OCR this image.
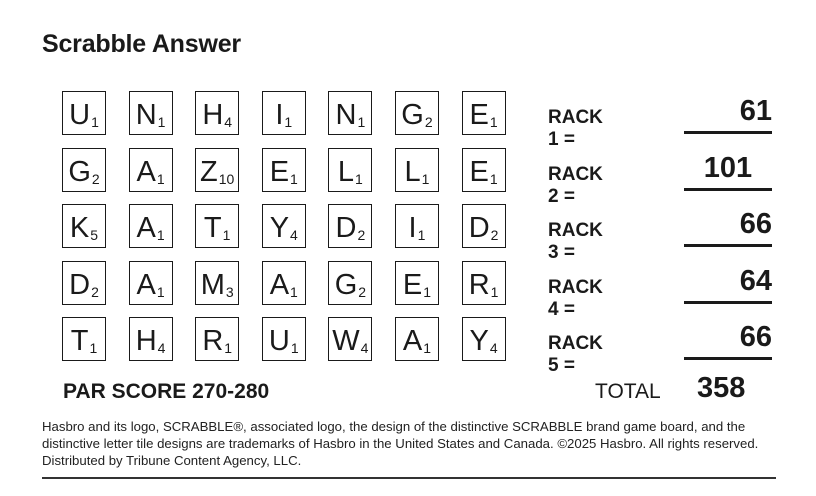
Scrabble Answer
U 1 N 1 H 4 I 1 N 1 G 2 E 1
G 2 A 1 Z 10 E 1 L 1 L 1 E 1
K 5 A 1 T 1 Y 4 D 2 I 1 D 2
D 2 A 1 M 3 A 1 G 2 E 1 R 1
T 1 H 4 R 1 U 1 W 4 A 1 Y 4
RACK 1 =
61
RACK 2 =
101
RACK 3 =
66
RACK 4 =
64
RACK 5 =
66
PAR SCORE 270-280	TOTAL 358
Hasbro and its logo, SCRABBLE®, associated logo, the design of the distinctive SCRABBLE brand game board, and the distinctive letter tile designs are trademarks of Hasbro in the United States and Canada. ©2025 Hasbro. All rights reserved. Distributed by Tribune Content Agency, LLC.
